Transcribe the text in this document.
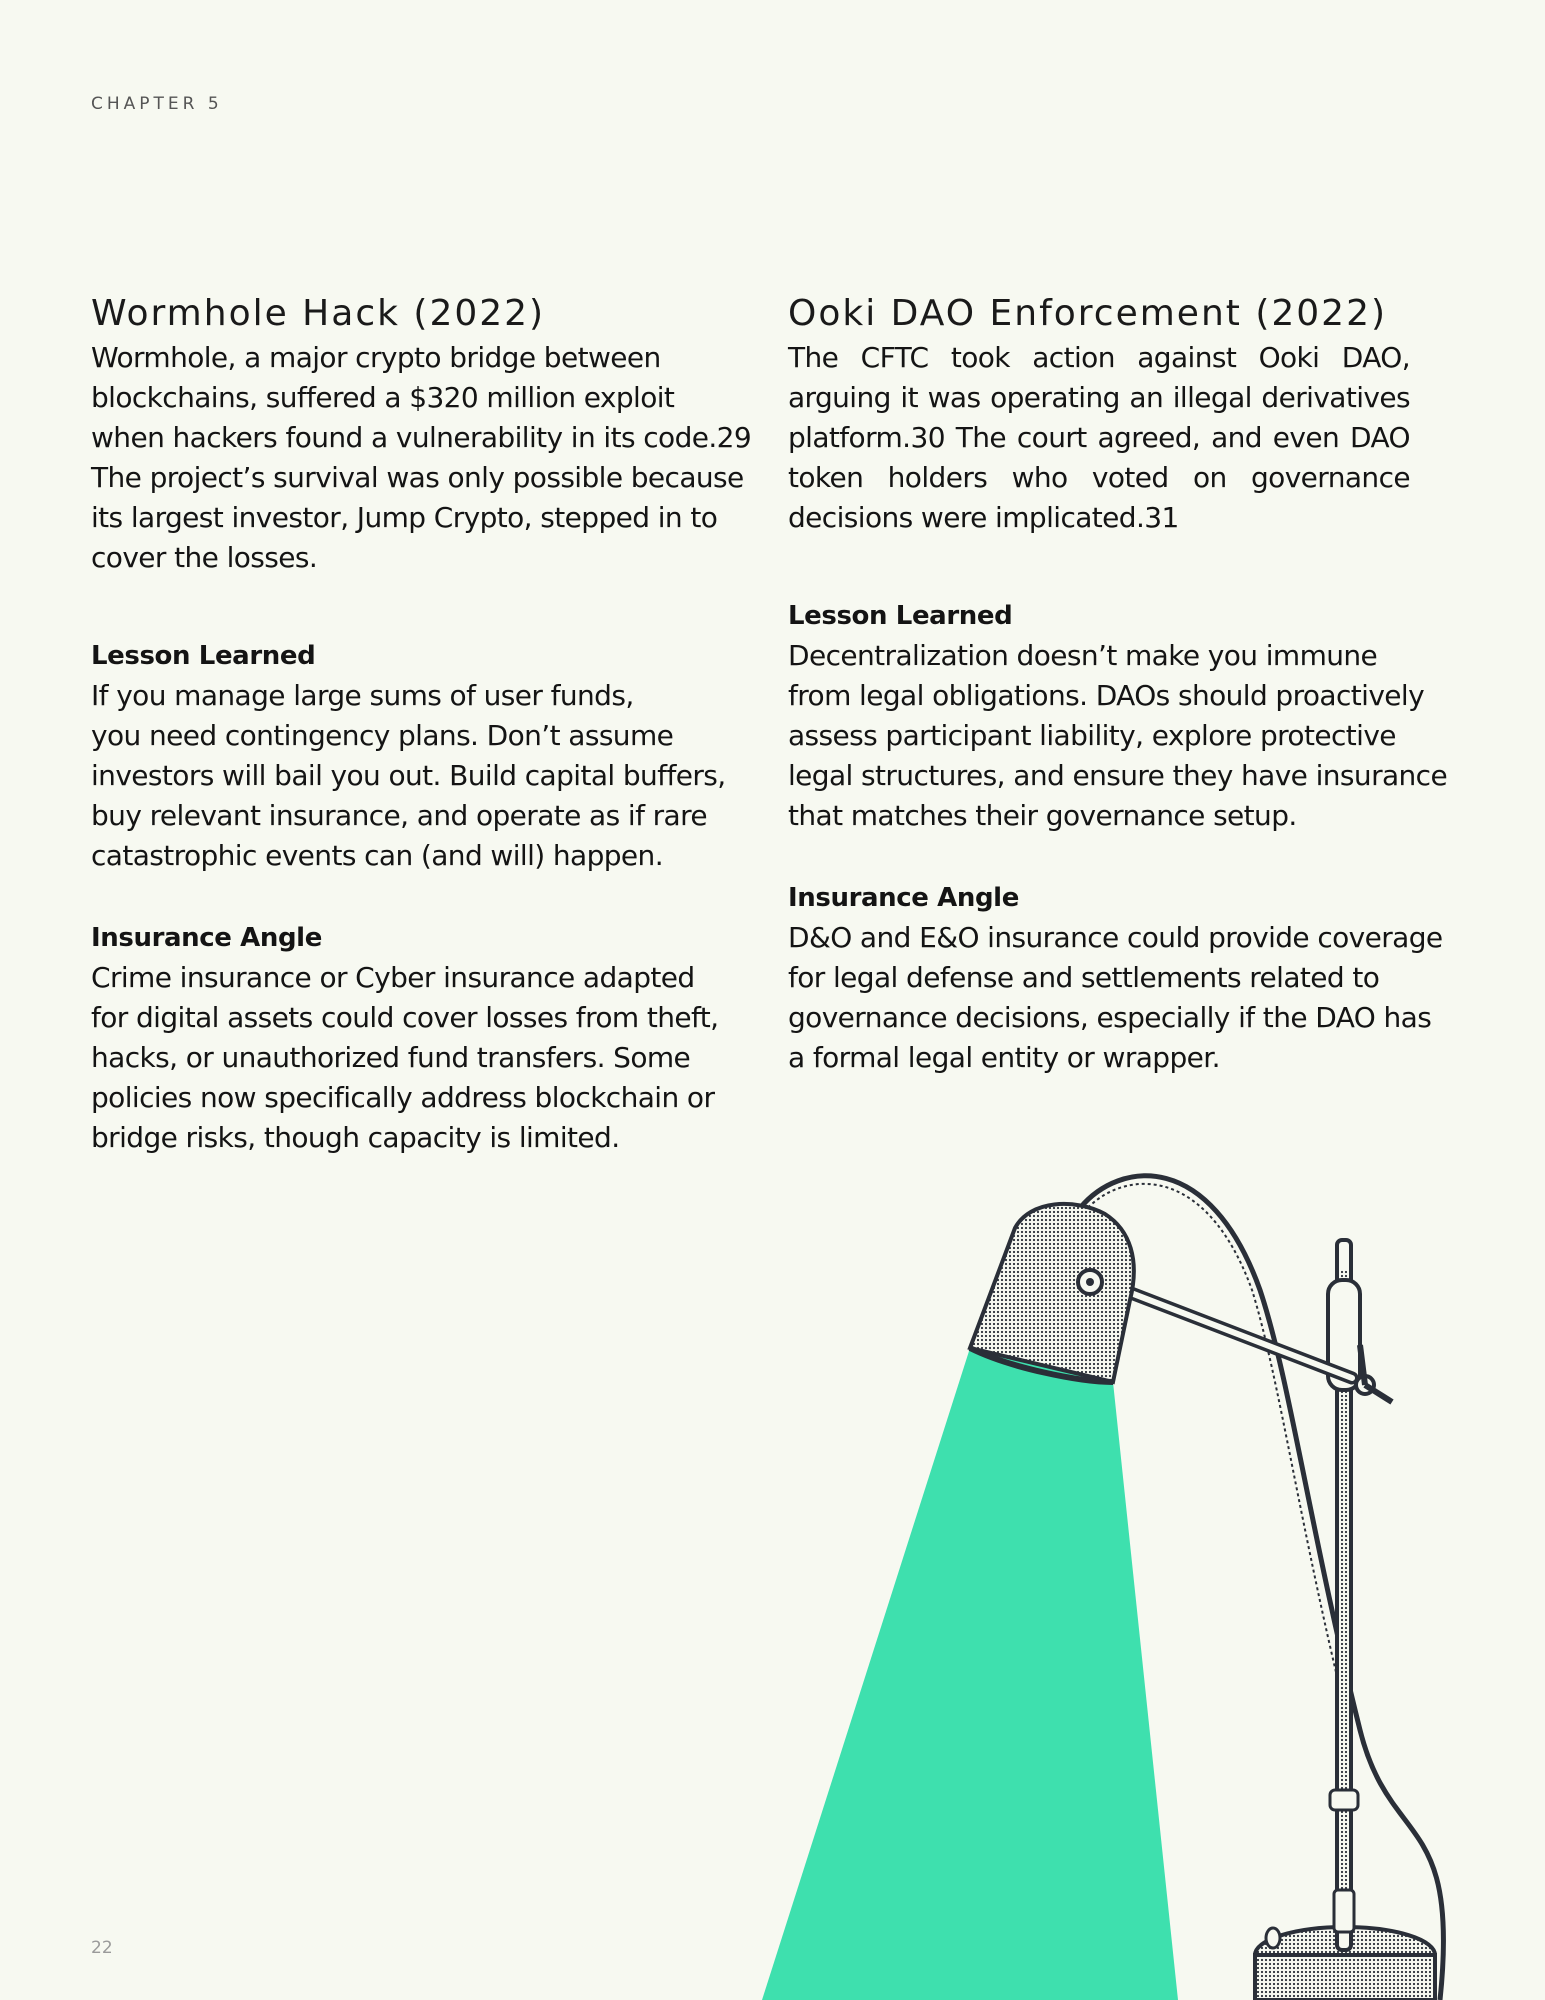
CHAPTER 5
Wormhole Hack (2022)

Wormhole, a major crypto bridge between

blockchains, suffered a $320 million exploit

when hackers found a vulnerability in its code.29

The project’s survival was only possible because

its largest investor, Jump Crypto, stepped in to

cover the losses.

Lesson Learned

If you manage large sums of user funds,

you need contingency plans. Don’t assume

investors will bail you out. Build capital buffers,

buy relevant insurance, and operate as if rare

catastrophic events can (and will) happen.

Insurance Angle

Crime insurance or Cyber insurance adapted

for digital assets could cover losses from theft,

hacks, or unauthorized fund transfers. Some

policies now specifically address blockchain or

bridge risks, though capacity is limited.

Ooki DAO Enforcement (2022)

The CFTC took action against Ooki DAO, arguing it was operating an illegal derivatives platform.30 The court agreed, and even DAO token holders who voted on governance decisions were implicated.31

Lesson Learned

Decentralization doesn’t make you immune

from legal obligations. DAOs should proactively

assess participant liability, explore protective

legal structures, and ensure they have insurance

that matches their governance setup.

Insurance Angle

D&O and E&O insurance could provide coverage

for legal defense and settlements related to

governance decisions, especially if the DAO has

a formal legal entity or wrapper.

22
